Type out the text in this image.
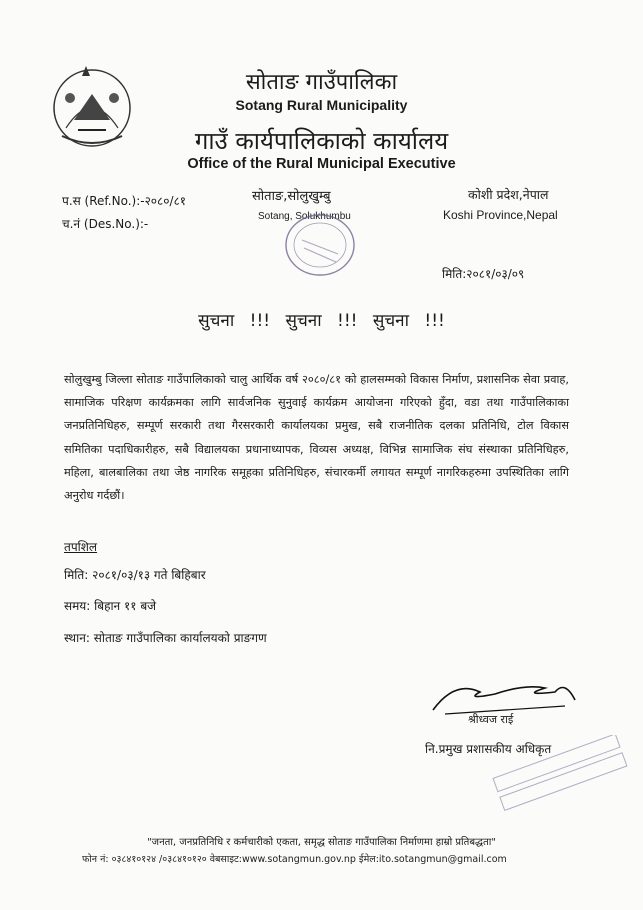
सोताङ गाउँपालिका
Sotang Rural Municipality
गाउँ कार्यपालिकाको कार्यालय
Office of the Rural Municipal Executive
प.स (Ref.No.):-२०८०/८१
च.नं (Des.No.):-
सोताङ,सोलुखुम्बु
Sotang, Solukhumbu
कोशी प्रदेश,नेपाल
Koshi Province,Nepal
मिति:२०८१/०३/०९
सुचना !!! सुचना !!! सुचना !!!
सोलुखुम्बु जिल्ला सोताङ गाउँपालिकाको चालु आर्थिक वर्ष २०८०/८१ को हालसम्मको विकास निर्माण, प्रशासनिक सेवा प्रवाह, सामाजिक परिक्षण कार्यक्रमका लागि सार्वजनिक सुनुवाई कार्यक्रम आयोजना गरिएको हुँदा, वडा तथा गाउँपालिकाका जनप्रतिनिधिहरु, सम्पूर्ण सरकारी तथा गैरसरकारी कार्यालयका प्रमुख, सबै राजनीतिक दलका प्रतिनिधि, टोल विकास समितिका पदाधिकारीहरु, सबै विद्यालयका प्रधानाध्यापक, विव्यस अध्यक्ष, विभिन्न सामाजिक संघ संस्थाका प्रतिनिधिहरु, महिला, बालबालिका तथा जेष्ठ नागरिक समूहका प्रतिनिधिहरु, संचारकर्मी लगायत सम्पूर्ण नागरिकहरुमा उपस्थितिका लागि अनुरोध गर्दछौं।
तपशिल
मिति: २०८१/०३/१३ गते बिहिबार
समय: बिहान ११ बजे
स्थान: सोताङ गाउँपालिका कार्यालयको प्राङगण
श्रीध्वज राई
नि.प्रमुख प्रशासकीय अधिकृत
"जनता, जनप्रतिनिधि र कर्मचारीको एकता, समृद्ध सोताङ गाउँपालिका निर्माणमा हाम्रो प्रतिबद्धता"
फोन नं: ०३८४१०१२४ /०३८४१०१२० वेबसाइट:www.sotangmun.gov.np ईमेल:ito.sotangmun@gmail.com
